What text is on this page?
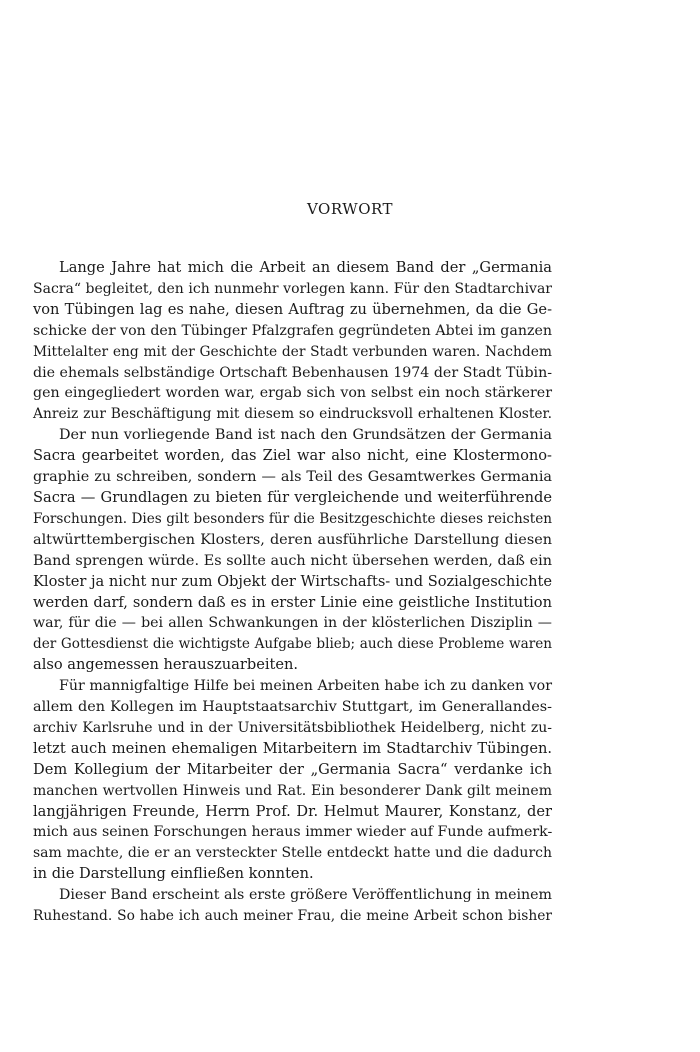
VORWORT

Lange Jahre hat mich die Arbeit an diesem Band der „Germania
Sacra“ begleitet, den ich nunmehr vorlegen kann. Für den Stadtarchivar
von Tübingen lag es nahe, diesen Auftrag zu übernehmen, da die Ge-
schicke der von den Tübinger Pfalzgrafen gegründeten Abtei im ganzen
Mittelalter eng mit der Geschichte der Stadt verbunden waren. Nachdem
die ehemals selbständige Ortschaft Bebenhausen 1974 der Stadt Tübin-
gen eingegliedert worden war, ergab sich von selbst ein noch stärkerer
Anreiz zur Beschäftigung mit diesem so eindrucksvoll erhaltenen Kloster.

Der nun vorliegende Band ist nach den Grundsätzen der Germania
Sacra gearbeitet worden, das Ziel war also nicht, eine Klostermono-
graphie zu schreiben, sondern — als Teil des Gesamtwerkes Germania
Sacra — Grundlagen zu bieten für vergleichende und weiterführende
Forschungen. Dies gilt besonders für die Besitzgeschichte dieses reichsten
altwürttembergischen Klosters, deren ausführliche Darstellung diesen
Band sprengen würde. Es sollte auch nicht übersehen werden, daß ein
Kloster ja nicht nur zum Objekt der Wirtschafts- und Sozialgeschichte
werden darf, sondern daß es in erster Linie eine geistliche Institution
war, für die — bei allen Schwankungen in der klösterlichen Disziplin —
der Gottesdienst die wichtigste Aufgabe blieb; auch diese Probleme waren
also angemessen herauszuarbeiten.

Für mannigfaltige Hilfe bei meinen Arbeiten habe ich zu danken vor
allem den Kollegen im Hauptstaatsarchiv Stuttgart, im Generallandes-
archiv Karlsruhe und in der Universitätsbibliothek Heidelberg, nicht zu-
letzt auch meinen ehemaligen Mitarbeitern im Stadtarchiv Tübingen.
Dem Kollegium der Mitarbeiter der „Germania Sacra“ verdanke ich
manchen wertvollen Hinweis und Rat. Ein besonderer Dank gilt meinem
langjährigen Freunde, Herrn Prof. Dr. Helmut Maurer, Konstanz, der
mich aus seinen Forschungen heraus immer wieder auf Funde aufmerk-
sam machte, die er an versteckter Stelle entdeckt hatte und die dadurch
in die Darstellung einfließen konnten.

Dieser Band erscheint als erste größere Veröffentlichung in meinem
Ruhestand. So habe ich auch meiner Frau, die meine Arbeit schon bisher
